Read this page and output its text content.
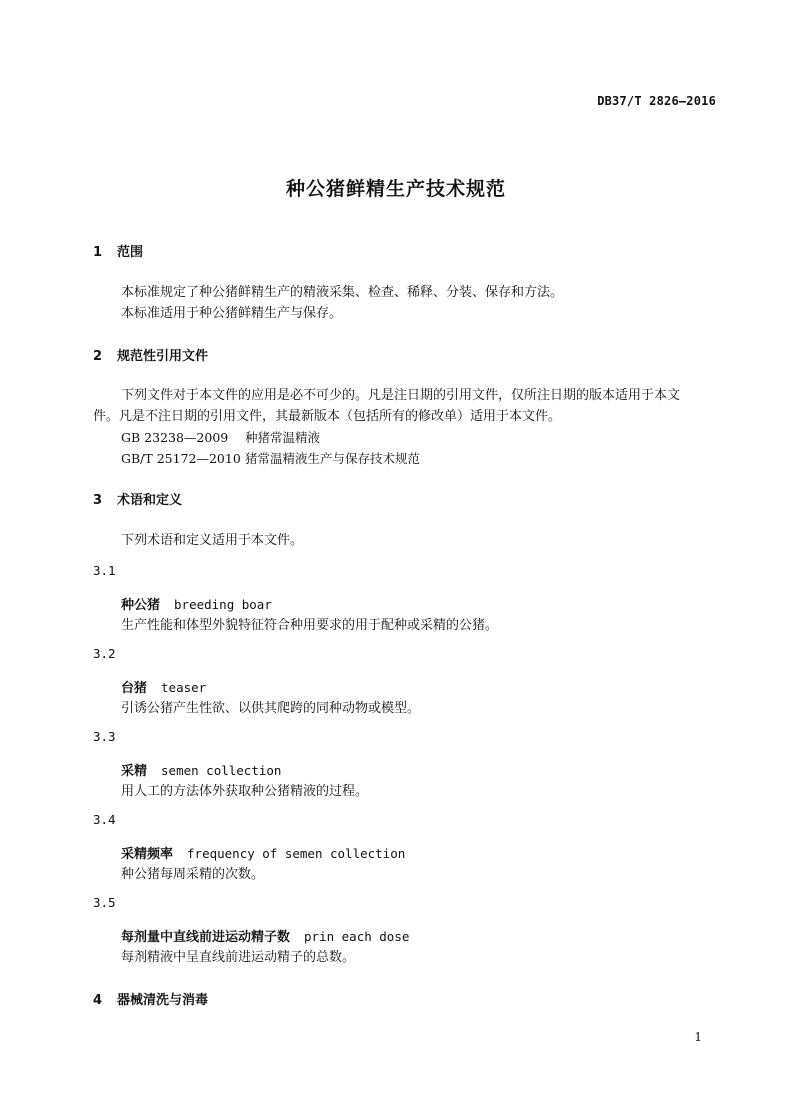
DB37/T 2826—2016
种公猪鲜精生产技术规范
1 范围
本标准规定了种公猪鲜精生产的精液采集、检查、稀释、分装、保存和方法。
本标准适用于种公猪鲜精生产与保存。
2 规范性引用文件
下列文件对于本文件的应用是必不可少的。凡是注日期的引用文件，仅所注日期的版本适用于本文
件。凡是不注日期的引用文件，其最新版本（包括所有的修改单）适用于本文件。
GB 23238—2009 种猪常温精液
GB/T 25172—2010 猪常温精液生产与保存技术规范
3 术语和定义
下列术语和定义适用于本文件。
3.1
种公猪 breeding boar
生产性能和体型外貌特征符合种用要求的用于配种或采精的公猪。
3.2
台猪 teaser
引诱公猪产生性欲、以供其爬跨的同种动物或模型。
3.3
采精 semen collection
用人工的方法体外获取种公猪精液的过程。
3.4
采精频率 frequency of semen collection
种公猪每周采精的次数。
3.5
每剂量中直线前进运动精子数 prin each dose
每剂精液中呈直线前进运动精子的总数。
4 器械清洗与消毒
1
